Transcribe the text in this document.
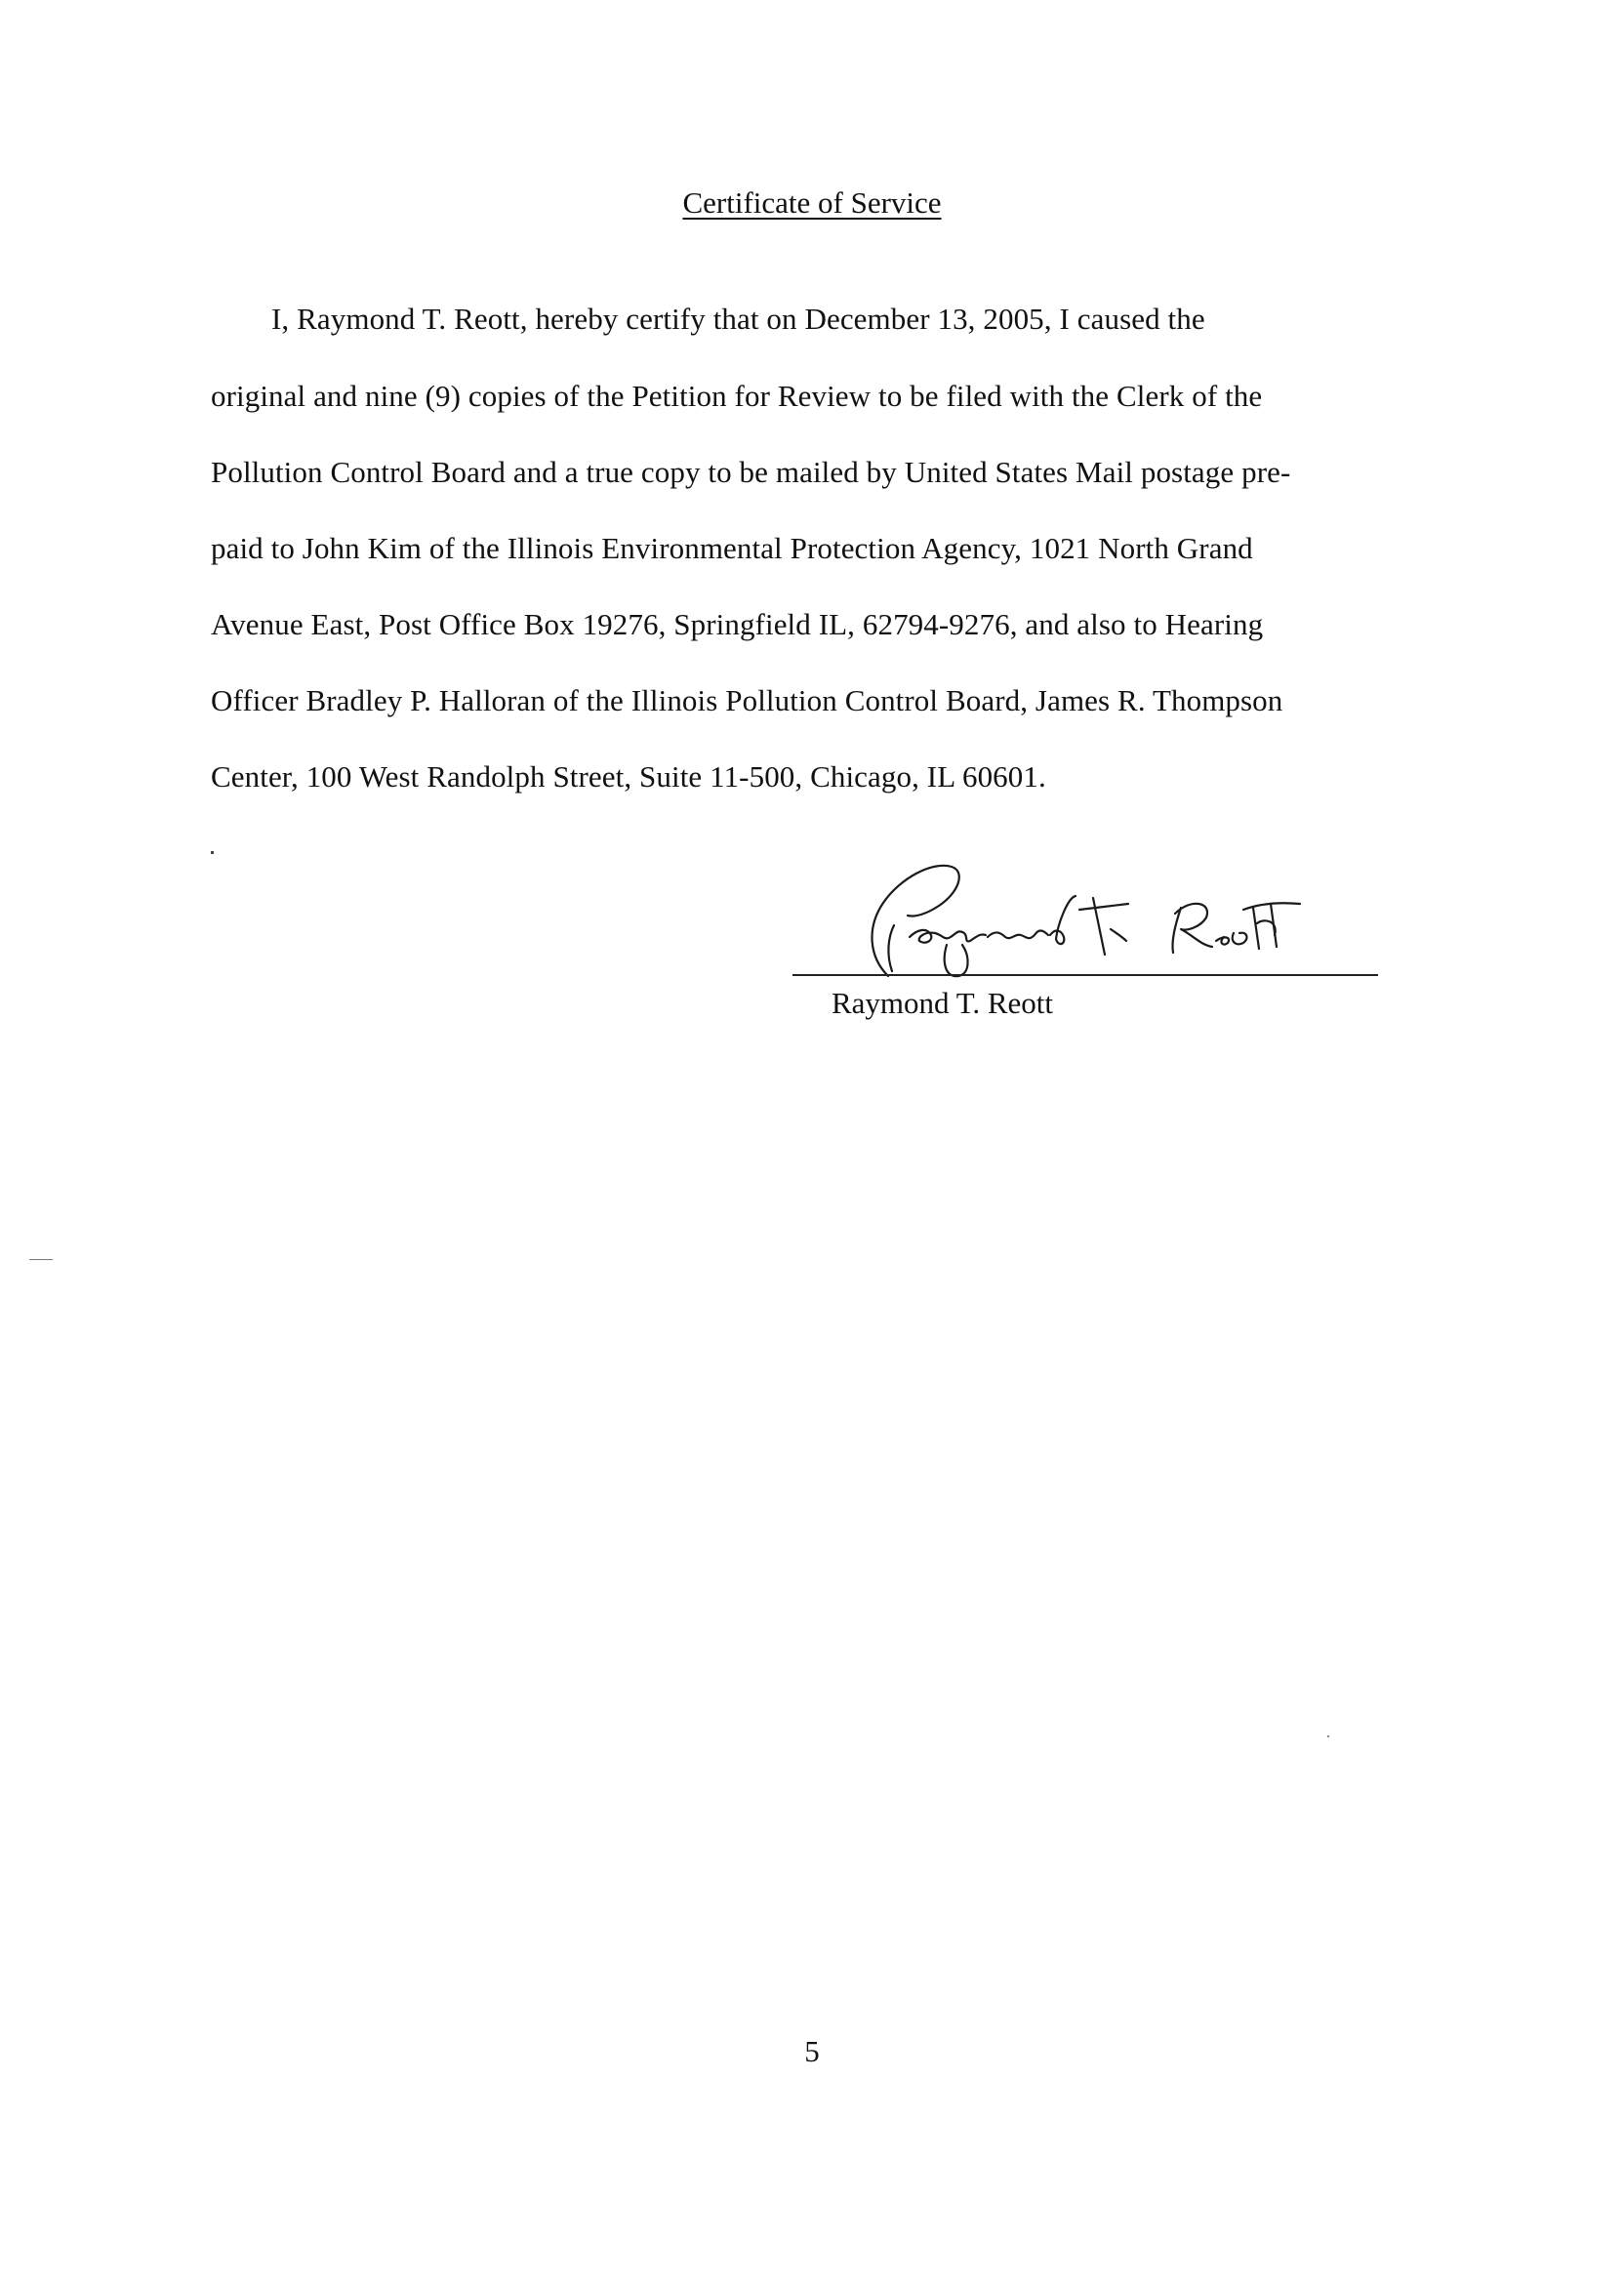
Certificate of Service
I, Raymond T. Reott, hereby certify that on December 13, 2005, I caused the
original and nine (9) copies of the Petition for Review to be filed with the Clerk of the
Pollution Control Board and a true copy to be mailed by United States Mail postage pre-
paid to John Kim of the Illinois Environmental Protection Agency, 1021 North Grand
Avenue East, Post Office Box 19276, Springfield IL, 62794-9276, and also to Hearing
Officer Bradley P. Halloran of the Illinois Pollution Control Board, James R. Thompson
Center, 100 West Randolph Street, Suite 11-500, Chicago, IL 60601.
Raymond T. Reott
5
